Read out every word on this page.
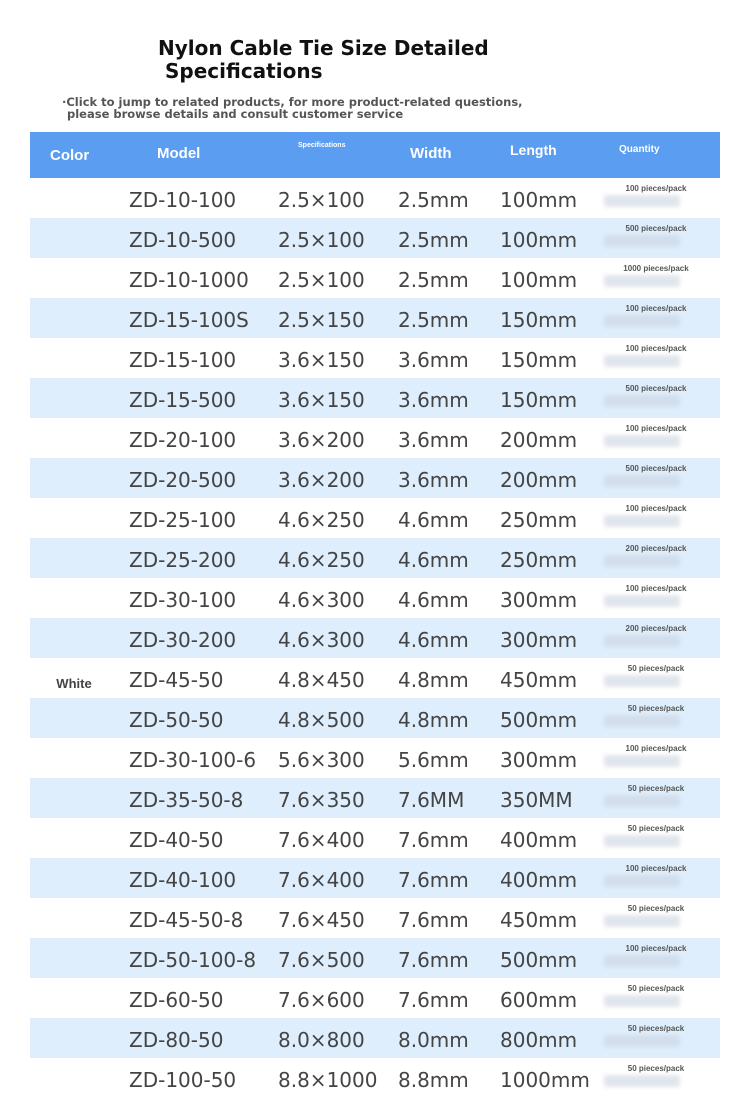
Nylon Cable Tie Size Detailed
Specifications
·Click to jump to related products, for more product-related questions,
please browse details and consult customer service
Color	Model	Specifications	Width	Length	Quantity
ZD-10-100 2.5×100 2.5mm 100mm	100 pieces/pack
ZD-10-500 2.5×100 2.5mm 100mm	500 pieces/pack
ZD-10-1000 2.5×100 2.5mm 100mm	1000 pieces/pack
ZD-15-100S 2.5×150 2.5mm 150mm	100 pieces/pack
ZD-15-100 3.6×150 3.6mm 150mm	100 pieces/pack
ZD-15-500 3.6×150 3.6mm 150mm	500 pieces/pack
ZD-20-100 3.6×200 3.6mm 200mm	100 pieces/pack
ZD-20-500 3.6×200 3.6mm 200mm	500 pieces/pack
ZD-25-100 4.6×250 4.6mm 250mm	100 pieces/pack
ZD-25-200 4.6×250 4.6mm 250mm	200 pieces/pack
ZD-30-100 4.6×300 4.6mm 300mm	100 pieces/pack
ZD-30-200 4.6×300 4.6mm 300mm	200 pieces/pack
ZD-45-50	4.8×450 4.8mm 450mm	50 pieces/pack
ZD-50-50	4.8×500 4.8mm 500mm	50 pieces/pack
ZD-30-100-6 5.6×300 5.6mm 300mm	100 pieces/pack
ZD-35-50-8 7.6×350 7.6MM 350MM	50 pieces/pack
ZD-40-50	7.6×400 7.6mm 400mm	50 pieces/pack
ZD-40-100 7.6×400 7.6mm 400mm	100 pieces/pack
ZD-45-50-8 7.6×450 7.6mm 450mm	50 pieces/pack
ZD-50-100-8 7.6×500 7.6mm 500mm	100 pieces/pack
ZD-60-50	7.6×600 7.6mm 600mm	50 pieces/pack
ZD-80-50	8.0×800 8.0mm 800mm	50 pieces/pack
ZD-100-50 8.8×1000 8.8mm 1000mm	50 pieces/pack
White
